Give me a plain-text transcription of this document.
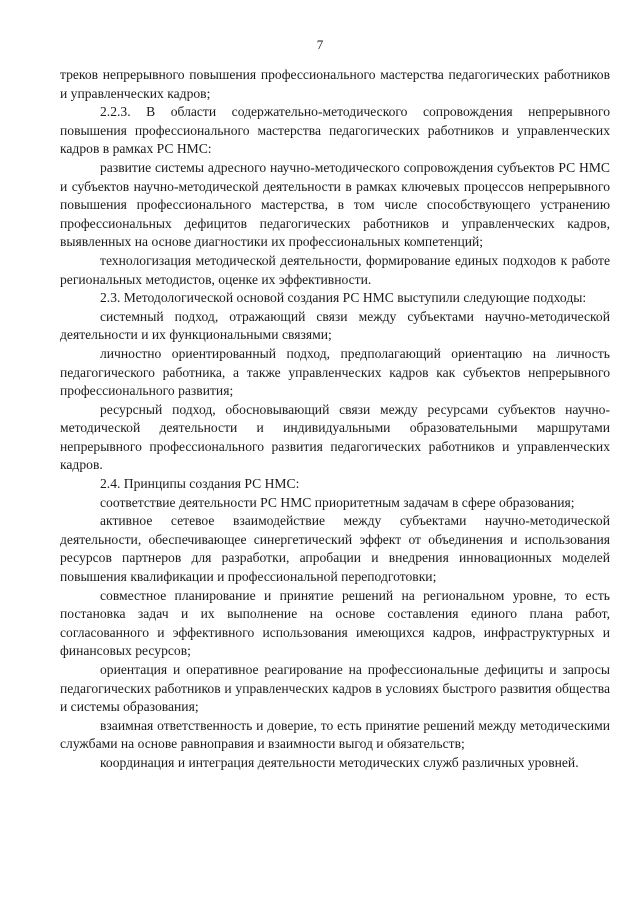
7

треков непрерывного повышения профессионального мастерства педагогических работников и управленческих кадров;

2.2.3. В области содержательно-методического сопровождения непрерывного повышения профессионального мастерства педагогических работников и управленческих кадров в рамках РС НМС:

развитие системы адресного научно-методического сопровождения субъектов РС НМС и субъектов научно-методической деятельности в рамках ключевых процессов непрерывного повышения профессионального мастерства, в том числе способствующего устранению профессиональных дефицитов педагогических работников и управленческих кадров, выявленных на основе диагностики их профессиональных компетенций;

технологизация методической деятельности, формирование единых подходов к работе региональных методистов, оценке их эффективности.

2.3. Методологической основой создания РС НМС выступили следующие подходы:

системный подход, отражающий связи между субъектами научно-методической деятельности и их функциональными связями;

личностно ориентированный подход, предполагающий ориентацию на личность педагогического работника, а также управленческих кадров как субъектов непрерывного профессионального развития;

ресурсный подход, обосновывающий связи между ресурсами субъектов научно-методической деятельности и индивидуальными образовательными маршрутами непрерывного профессионального развития педагогических работников и управленческих кадров.

2.4. Принципы создания РС НМС:

соответствие деятельности РС НМС приоритетным задачам в сфере образования;

активное сетевое взаимодействие между субъектами научно-методической деятельности, обеспечивающее синергетический эффект от объединения и использования ресурсов партнеров для разработки, апробации и внедрения инновационных моделей повышения квалификации и профессиональной переподготовки;

совместное планирование и принятие решений на региональном уровне, то есть постановка задач и их выполнение на основе составления единого плана работ, согласованного и эффективного использования имеющихся кадров, инфраструктурных и финансовых ресурсов;

ориентация и оперативное реагирование на профессиональные дефициты и запросы педагогических работников и управленческих кадров в условиях быстрого развития общества и системы образования;

взаимная ответственность и доверие, то есть принятие решений между методическими службами на основе равноправия и взаимности выгод и обязательств;

координация и интеграция деятельности методических служб различных уровней.
